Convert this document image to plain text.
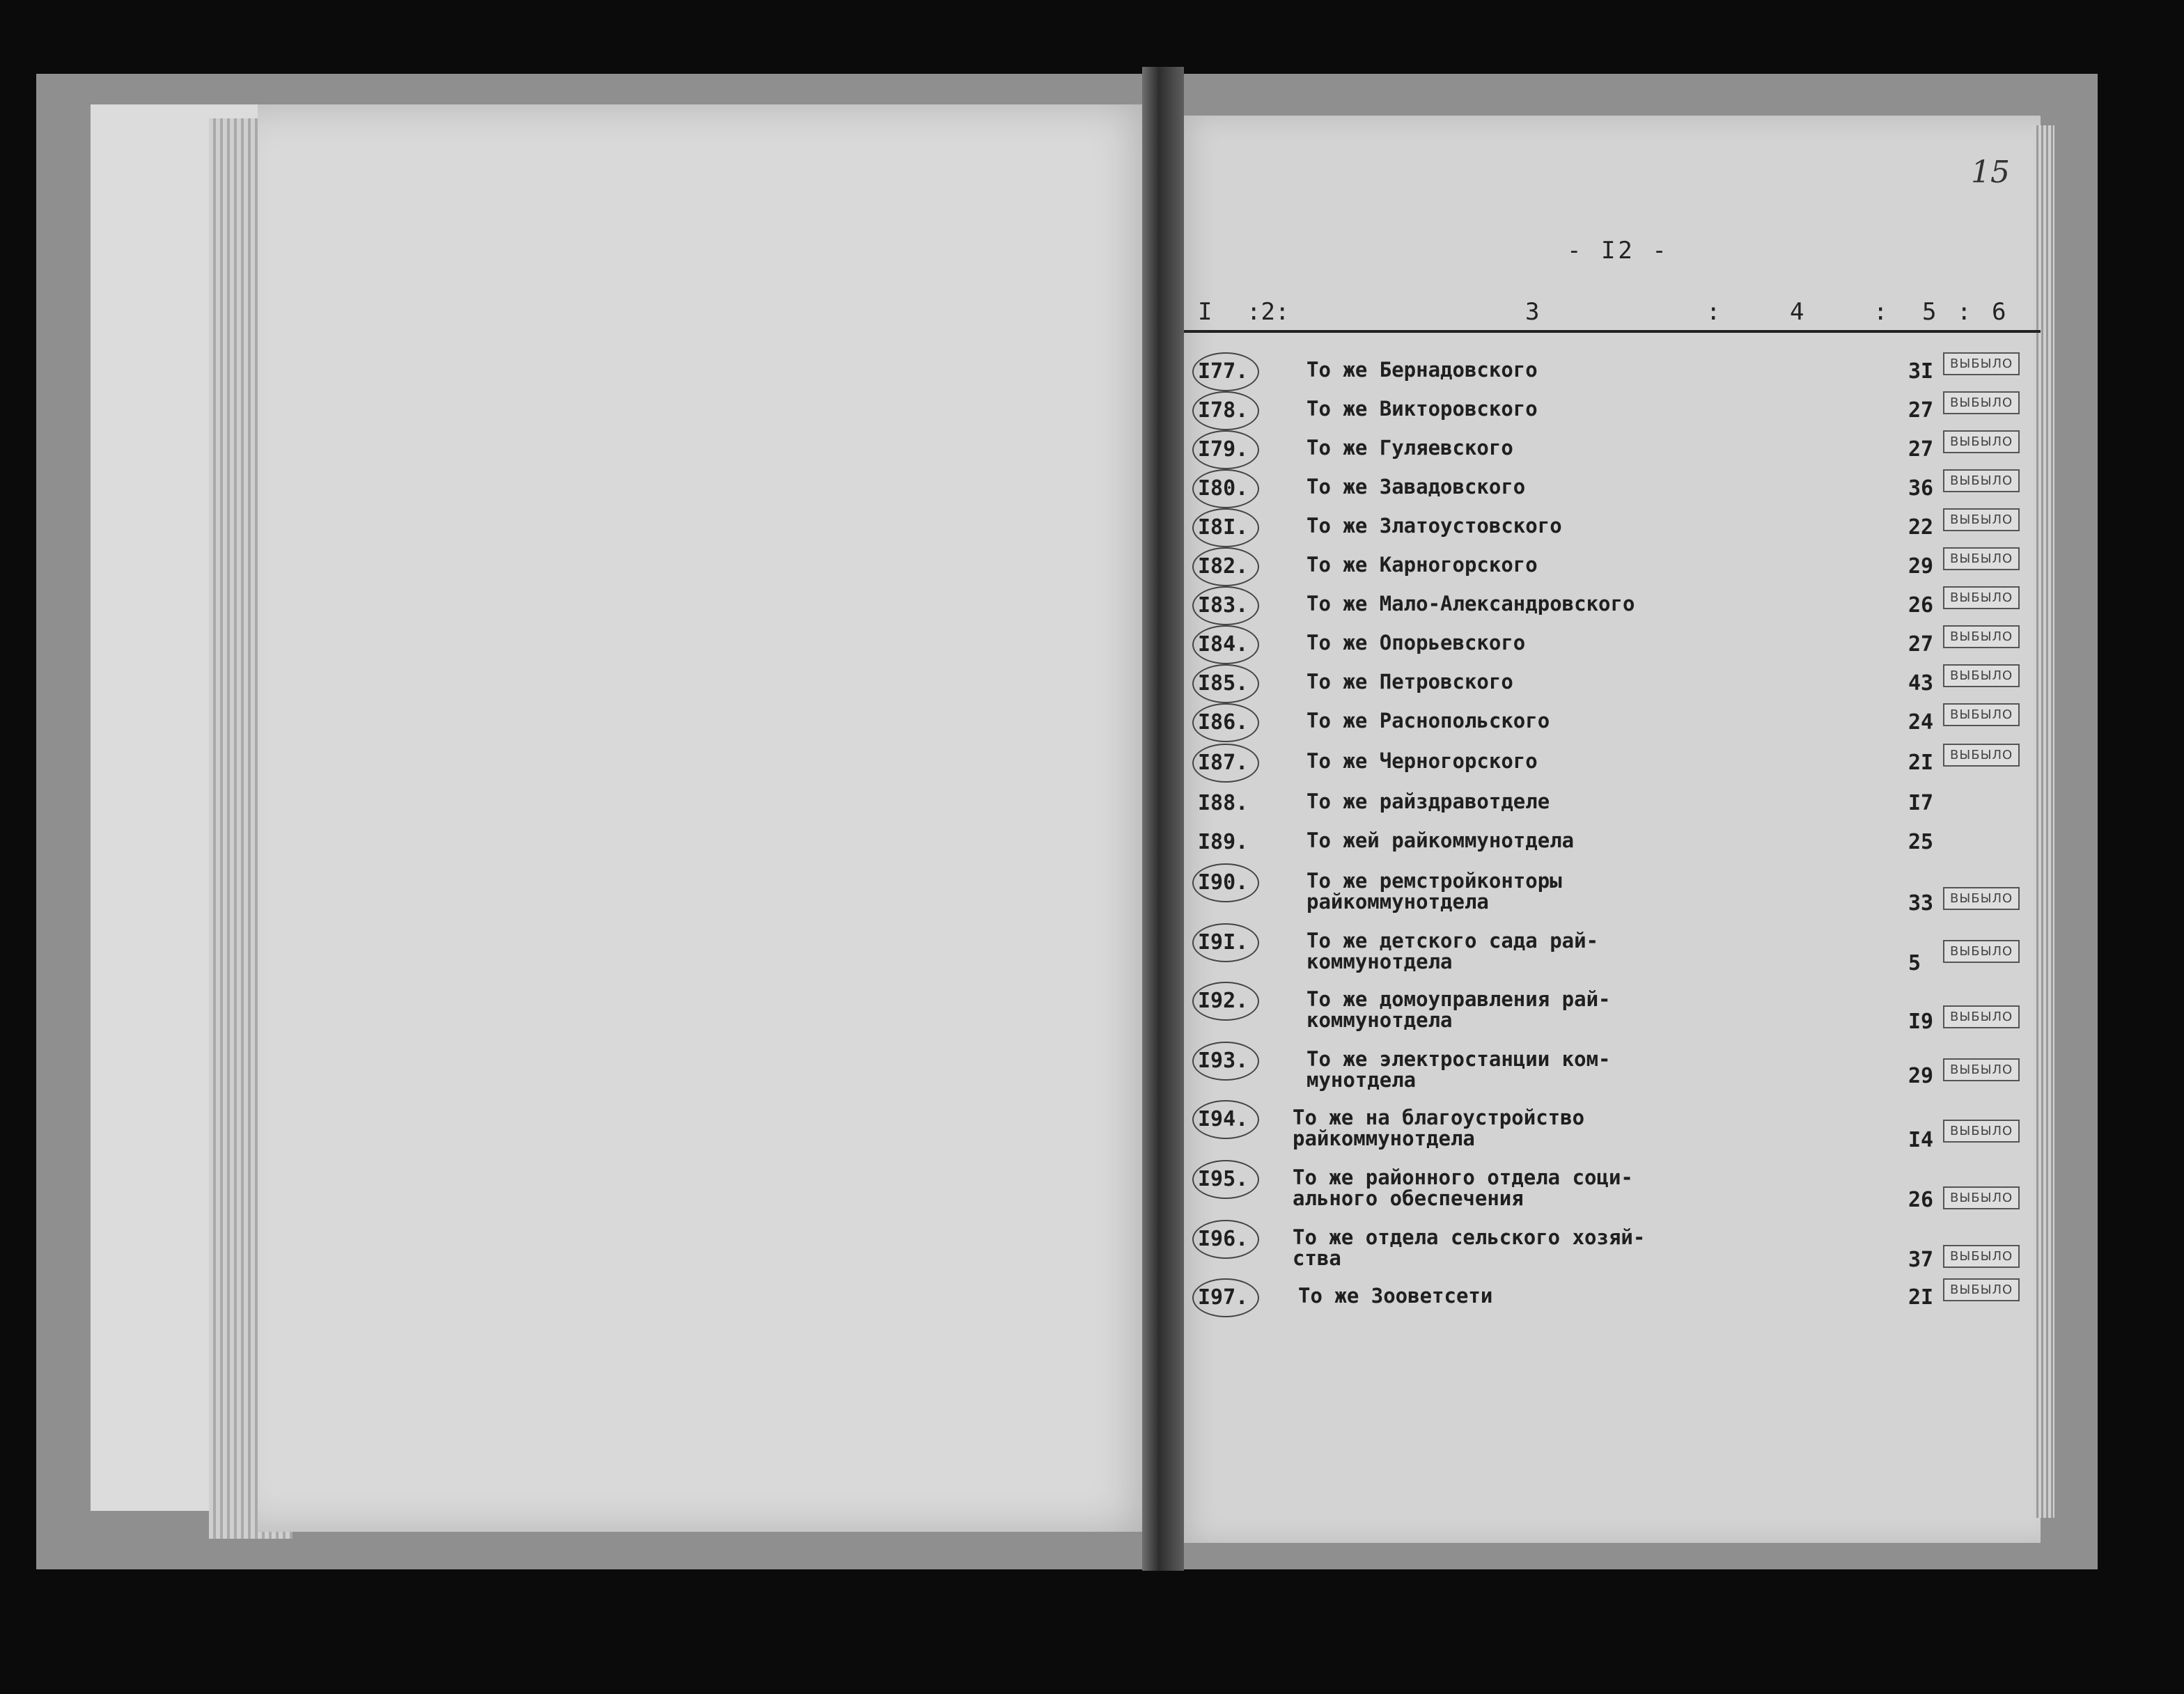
15
- I2 -
I :2:	3	:	4	: 5 : 6
I77.	То же Бернадовского	3I	ВЫБЫЛО
I78.	То же Викторовского	27	ВЫБЫЛО
I79.	То же Гуляевского	27	ВЫБЫЛО
I80.	То же Завадовского	36	ВЫБЫЛО
I8I.	То же Златоустовского	22	ВЫБЫЛО
I82.	То же Карногорского	29	ВЫБЫЛО
I83.	То же Мало-Александровского	26	ВЫБЫЛО
I84.	То же Опорьевского	27	ВЫБЫЛО
I85.	То же Петровского	43	ВЫБЫЛО
I86.	То же Раснопольского	24	ВЫБЫЛО
I87.	То же Черногорского	2I	ВЫБЫЛО
I88.	То же райздравотделе	I7
I89.	То жей райкоммунотдела	25
I90.	То же ремстройконторы райкоммунотдела	33	ВЫБЫЛО
I9I.	То же детского сада рай- коммунотдела	5	ВЫБЫЛО
I92.	То же домоуправления рай- коммунотдела	I9	ВЫБЫЛО
I93.	То же электростанции ком- мунотдела	29	ВЫБЫЛО
I94. То же на благоустройство райкоммунотдела	I4	ВЫБЫЛО
I95. То же районного отдела соци- ального обеспечения	26	ВЫБЫЛО
I96. То же отдела сельского хозяй- ства	37	ВЫБЫЛО
I97. То же Зооветсети	2I	ВЫБЫЛО
